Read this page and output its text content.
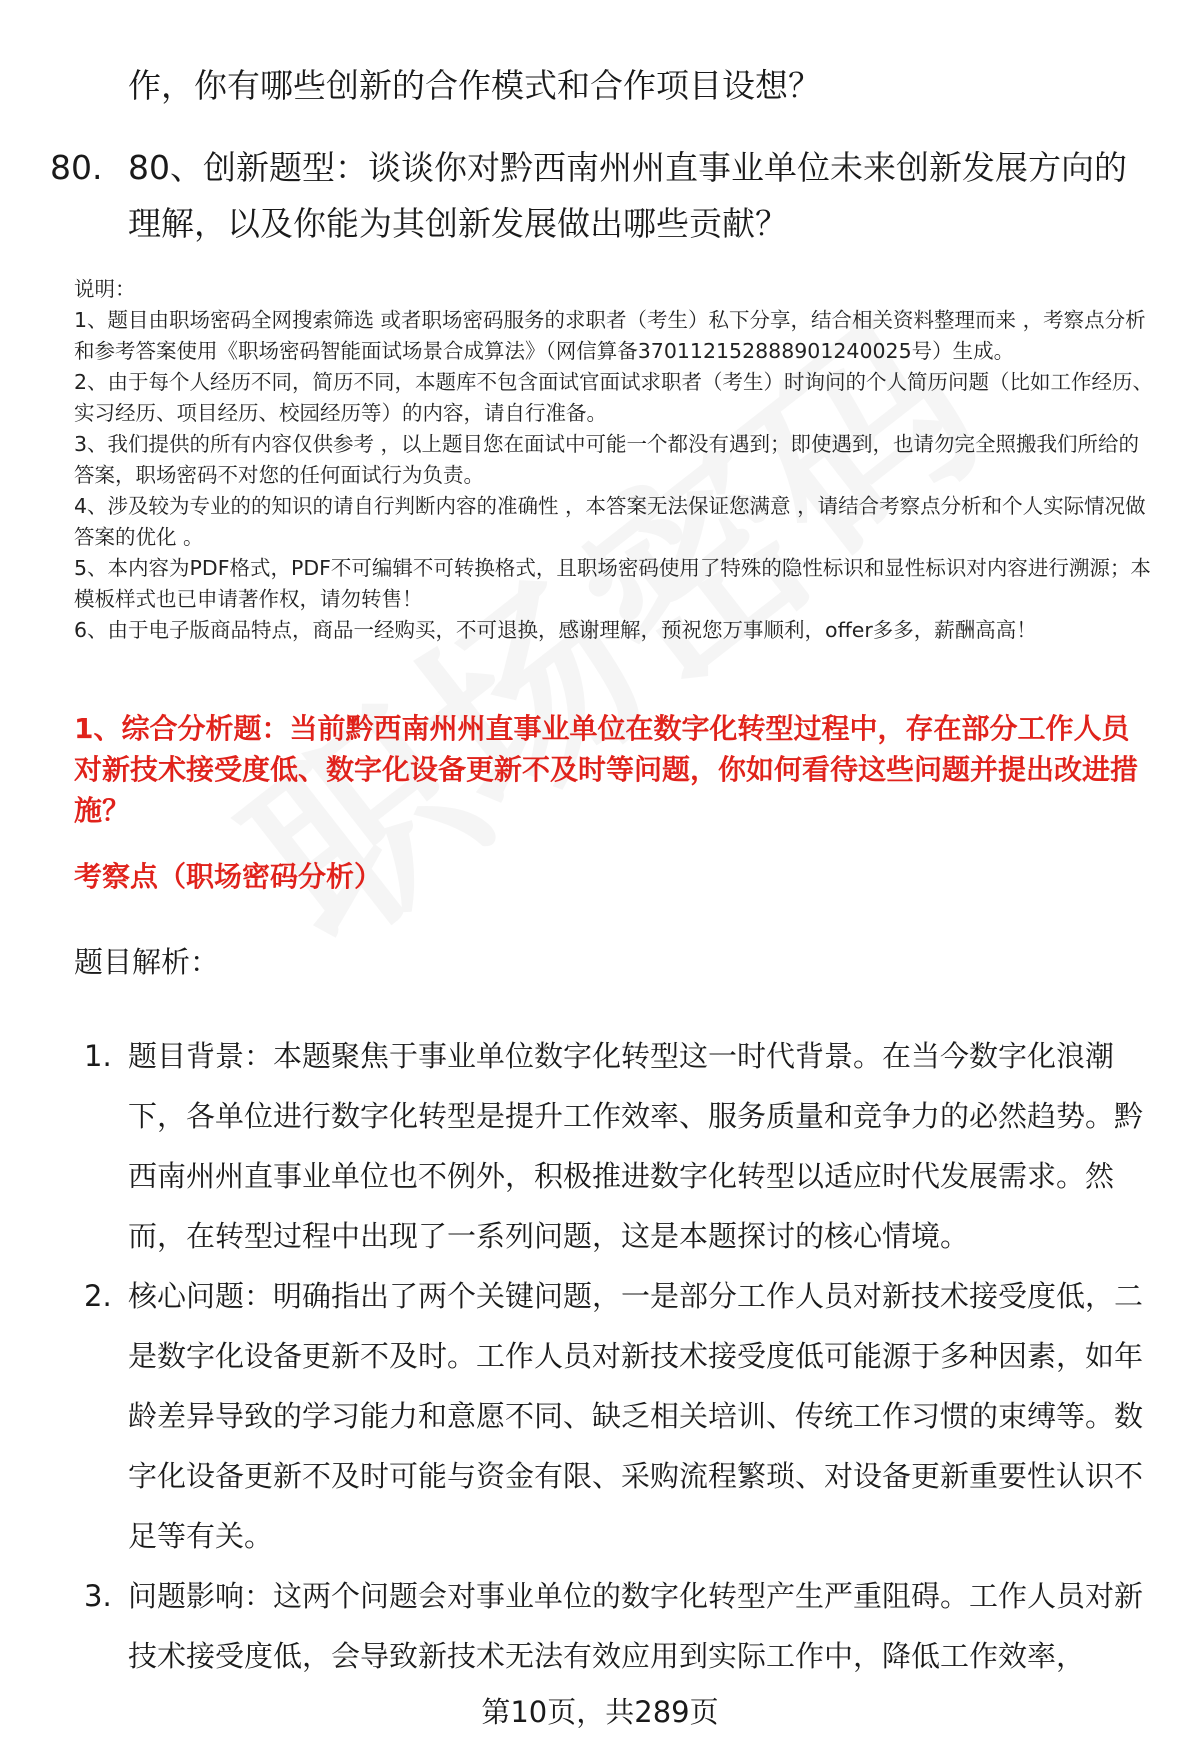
作，你有哪些创新的合作模式和合作项目设想？
80. 80、创新题型：谈谈你对黔西南州州直事业单位未来创新发展方向的理解，以及你能为其创新发展做出哪些贡献？

说明：

1、题目由职场密码全网搜索筛选 或者职场密码服务的求职者（考生）私下分享，结合相关资料整理而来 ，考察点分析和参考答案使用《职场密码智能面试场景合成算法》（网信算备370112152888901240025号）生成。

2、由于每个人经历不同，简历不同，本题库不包含面试官面试求职者（考生）时询问的个人简历问题（比如工作经历、实习经历、项目经历、校园经历等）的内容，请自行准备。

3、我们提供的所有内容仅供参考 ，以上题目您在面试中可能一个都没有遇到；即使遇到，也请勿完全照搬我们所给的答案，职场密码不对您的任何面试行为负责。

4、涉及较为专业的的知识的请自行判断内容的准确性 ，本答案无法保证您满意 ，请结合考察点分析和个人实际情况做答案的优化 。

5、本内容为PDF格式，PDF不可编辑不可转换格式，且职场密码使用了特殊的隐性标识和显性标识对内容进行溯源；本模板样式也已申请著作权，请勿转售！

6、由于电子版商品特点，商品一经购买，不可退换，感谢理解，预祝您万事顺利，offer多多，薪酬高高！

1、综合分析题：当前黔西南州州直事业单位在数字化转型过程中，存在部分工作人员对新技术接受度低、数字化设备更新不及时等问题，你如何看待这些问题并提出改进措施？
考察点（职场密码分析）
题目解析：
1. 题目背景：本题聚焦于事业单位数字化转型这一时代背景。在当今数字化浪潮下，各单位进行数字化转型是提升工作效率、服务质量和竞争力的必然趋势。黔西南州州直事业单位也不例外，积极推进数字化转型以适应时代发展需求。然而，在转型过程中出现了一系列问题，这是本题探讨的核心情境。
2. 核心问题：明确指出了两个关键问题，一是部分工作人员对新技术接受度低，二是数字化设备更新不及时。工作人员对新技术接受度低可能源于多种因素，如年龄差异导致的学习能力和意愿不同、缺乏相关培训、传统工作习惯的束缚等。数字化设备更新不及时可能与资金有限、采购流程繁琐、对设备更新重要性认识不足等有关。
3. 问题影响：这两个问题会对事业单位的数字化转型产生严重阻碍。工作人员对新技术接受度低，会导致新技术无法有效应用到实际工作中，降低工作效率，
第10页，共289页
